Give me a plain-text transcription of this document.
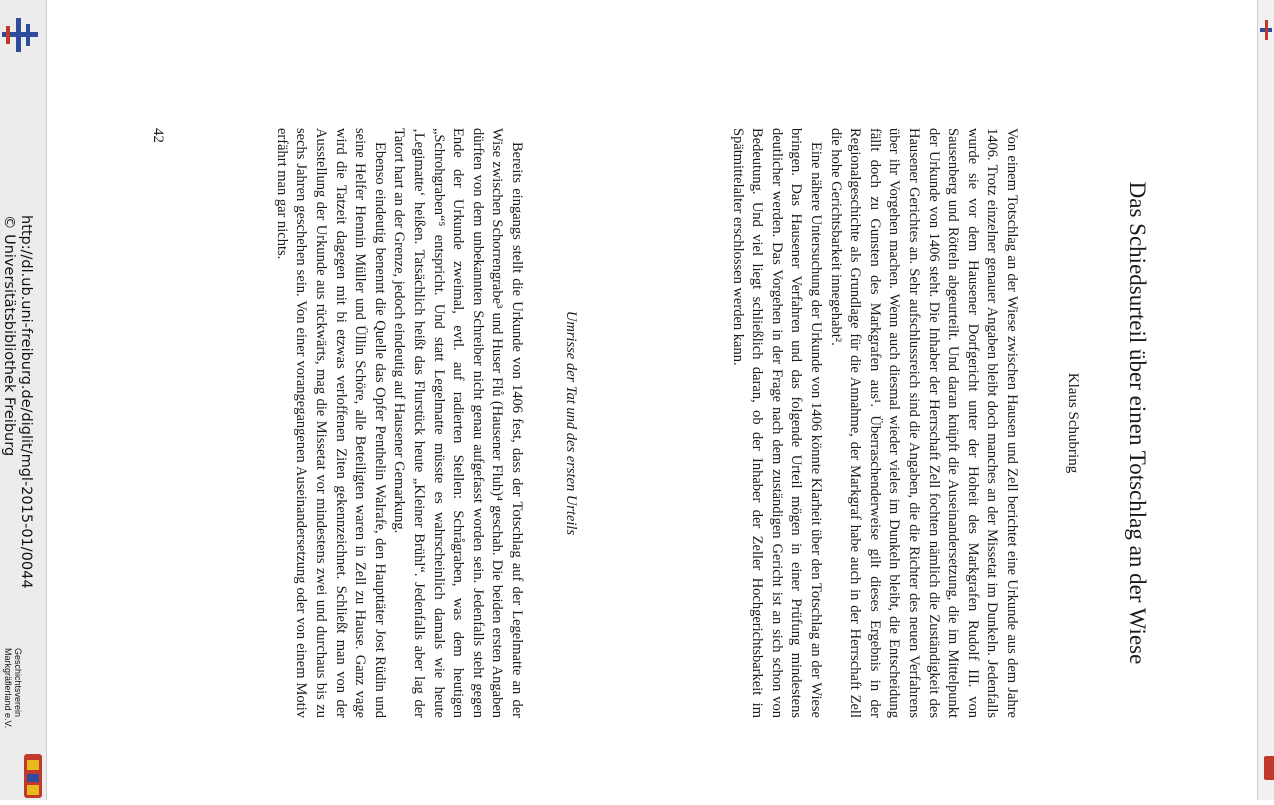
http://dl.ub.uni-freiburg.de/diglit/mgl-2015-01/0044
© Universitätsbibliothek Freiburg
Geschichtsverein
Markgräflerland e.V.
Das Schiedsurteil über einen Totschlag an der Wiese
Klaus Schubring

Von einem Totschlag an der Wiese zwischen Hausen und Zell berichtet eine Urkunde aus dem Jahre 1406. Trotz einzelner genauer Angaben bleibt doch manches an der Missetat im Dunkeln. Jedenfalls wurde sie vor dem Hausener Dorfgericht unter der Hoheit des Markgrafen Rudolf III. von Sausenberg und Rötteln abgeurteilt. Und daran knüpft die Auseinandersetzung, die im Mittelpunkt der Urkunde von 1406 steht. Die Inhaber der Herrschaft Zell fochten nämlich die Zuständigkeit des Hausener Gerichtes an. Sehr aufschlussreich sind die Angaben, die die Richter des neuen Verfahrens über ihr Vorgehen machen. Wenn auch diesmal wieder vieles im Dunkeln bleibt, die Entscheidung fällt doch zu Gunsten des Markgrafen aus¹. Überraschenderweise gilt dieses Ergebnis in der Regionalgeschichte als Grundlage für die Annahme, der Markgraf habe auch in der Herrschaft Zell die hohe Gerichtsbarkeit innegehabt².

Eine nähere Untersuchung der Urkunde von 1406 könnte Klarheit über den Totschlag an der Wiese bringen. Das Hausener Verfahren und das folgende Urteil mögen in einer Prüfung mindestens deutlicher werden. Das Vorgehen in der Frage nach dem zuständigen Gericht ist an sich schon von Bedeutung. Und viel liegt schließlich daran, ob der Inhaber der Zeller Hochgerichtsbarkeit im Spätmittelalter erschlossen werden kann.

Umrisse der Tat und des ersten Urteils

Bereits eingangs stellt die Urkunde von 1406 fest, dass der Totschlag auf der Legelmatte an der Wise zwischen Schorrengrabe³ und Huser Flů (Hausener Fluh)⁴ geschah. Die beiden ersten Angaben dürften von dem unbekannten Schreiber nicht genau aufgefasst worden sein. Jedenfalls steht gegen Ende der Urkunde zweimal, evtl. auf radierten Stellen: Schrågraben, was dem heutigen „Schrohgraben“⁵ entspricht. Und statt Legelmatte müsste es wahrscheinlich damals wie heute ‚Legimatte‘ heißen. Tatsächlich heißt das Flurstück heute „Kleiner Brühl“. Jedenfalls aber lag der Tatort hart an der Grenze, jedoch eindeutig auf Hausener Gemarkung.

Ebenso eindeutig benennt die Quelle das Opfer Penthelin Walrafe, den Haupttäter Jost Rüdin und seine Helfer Hennin Müller und Üllin Schöre, alle Beteiligten waren in Zell zu Hause. Ganz vage wird die Tatzeit dagegen mit bi etzwas verloffenen Ziten gekennzeichnet. Schließt man von der Ausstellung der Urkunde aus rückwärts, mag die Missetat vor mindestens zwei und durchaus bis zu sechs Jahren geschehen sein. Von einer vorangegangenen Auseinandersetzung oder von einem Motiv erfährt man gar nichts.

42
